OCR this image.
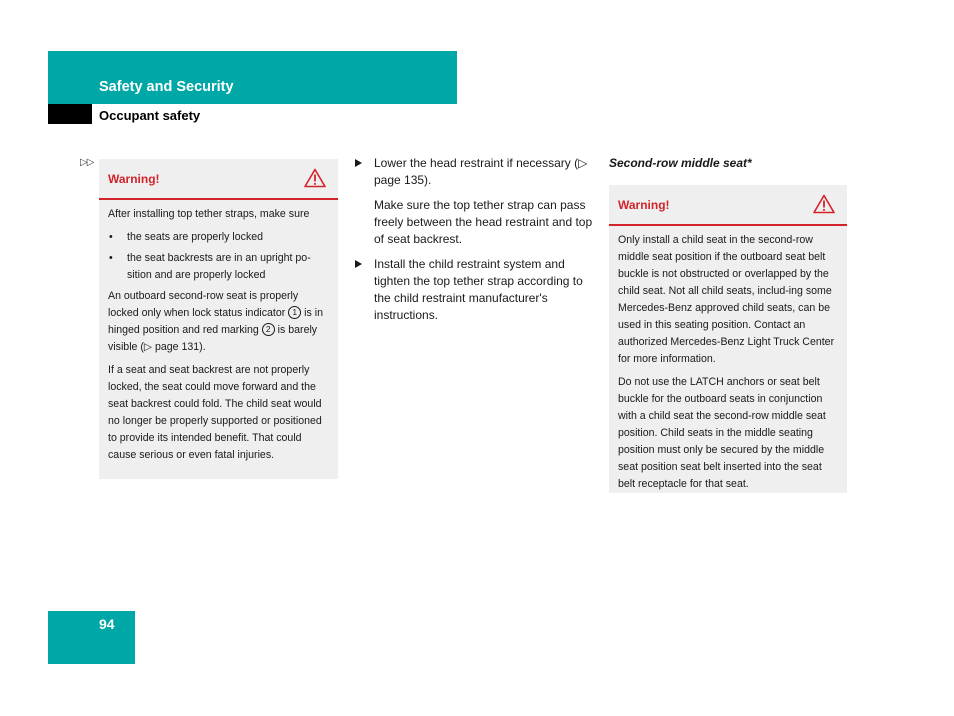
Safety and Security
Occupant safety
▷▷
Warning!

After installing top tether straps, make sure

• the seats are properly locked
• the seat backrests are in an upright po-sition and are properly locked

An outboard second-row seat is properly locked only when lock status indicator 1 is in hinged position and red marking 2 is barely visible (▷ page 131).

If a seat and seat backrest are not properly locked, the seat could move forward and the seat backrest could fold. The child seat would no longer be properly supported or positioned to provide its intended benefit. That could cause serious or even fatal injuries.

Lower the head restraint if necessary (▷ page 135).
Make sure the top tether strap can pass freely between the head restraint and top of seat backrest.
Install the child restraint system and tighten the top tether strap according to the child restraint manufacturer's instructions.
Second-row middle seat*
Warning!

Only install a child seat in the second-row middle seat position if the outboard seat belt buckle is not obstructed or overlapped by the child seat. Not all child seats, includ-ing some Mercedes-Benz approved child seats, can be used in this seating position. Contact an authorized Mercedes-Benz Light Truck Center for more information.

Do not use the LATCH anchors or seat belt buckle for the outboard seats in conjunction with a child seat the second-row middle seat position. Child seats in the middle seating position must only be secured by the middle seat position seat belt inserted into the seat belt receptacle for that seat.

94
